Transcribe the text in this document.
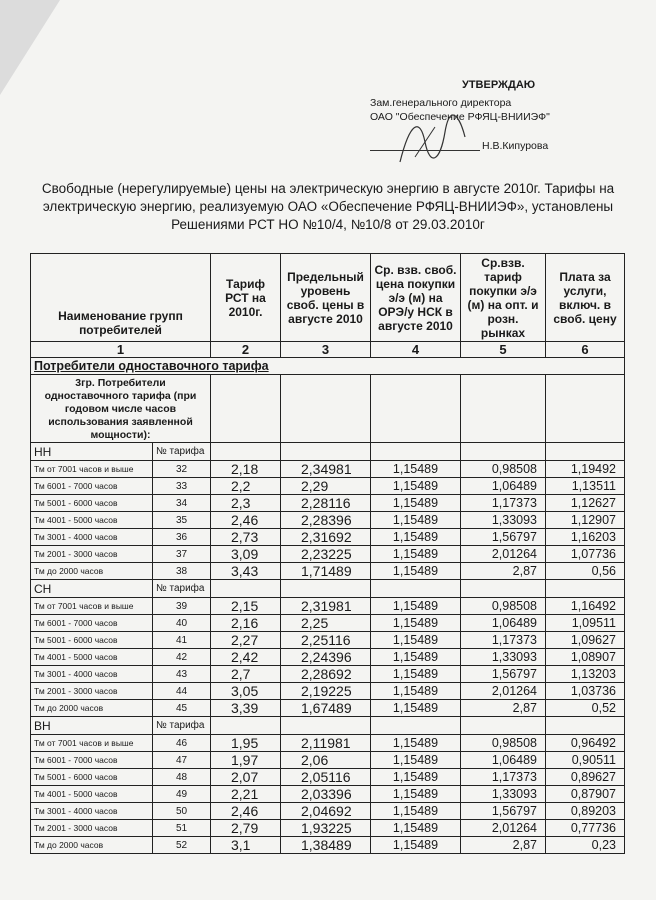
УТВЕРЖДАЮ
Зам.генерального директора
ОАО "Обеспечение РФЯЦ-ВНИИЭФ"
Н.В.Кипурова
Свободные (нерегулируемые) цены на электрическую энергию в августе 2010г. Тарифы на электрическую энергию, реализуемую ОАО «Обеспечение РФЯЦ-ВНИИЭФ», установлены Решениями РСТ НО №10/4, №10/8 от 29.03.2010г
Наименование групп потребителей		Тариф РСТ на 2010г.	Предельный уровень своб. цены в августе 2010	Ср. взв. своб. цена покупки э/э (м) на ОРЭ/у НСК в августе 2010	Ср.взв. тариф покупки э/э (м) на опт. и розн. рынках	Плата за услуги, включ. в своб. цену
1		2	3	4	5	6
Потребители одноставочного тарифа						
3гр. Потребители одноставочного тарифа (при годовом числе часов использования заявленной мощности):						
НН	№ тарифа					
Тм от 7001 часов и выше	32	2,18	2,34981	1,15489	0,98508	1,19492
Тм 6001 - 7000 часов	33	2,2	2,29	1,15489	1,06489	1,13511
Тм 5001 - 6000 часов	34	2,3	2,28116	1,15489	1,17373	1,12627
Тм 4001 - 5000 часов	35	2,46	2,28396	1,15489	1,33093	1,12907
Тм 3001 - 4000 часов	36	2,73	2,31692	1,15489	1,56797	1,16203
Тм 2001 - 3000 часов	37	3,09	2,23225	1,15489	2,01264	1,07736
Тм до 2000 часов	38	3,43	1,71489	1,15489	2,87	0,56
СН	№ тарифа					
Тм от 7001 часов и выше	39	2,15	2,31981	1,15489	0,98508	1,16492
Тм 6001 - 7000 часов	40	2,16	2,25	1,15489	1,06489	1,09511
Тм 5001 - 6000 часов	41	2,27	2,25116	1,15489	1,17373	1,09627
Тм 4001 - 5000 часов	42	2,42	2,24396	1,15489	1,33093	1,08907
Тм 3001 - 4000 часов	43	2,7	2,28692	1,15489	1,56797	1,13203
Тм 2001 - 3000 часов	44	3,05	2,19225	1,15489	2,01264	1,03736
Тм до 2000 часов	45	3,39	1,67489	1,15489	2,87	0,52
ВН	№ тарифа					
Тм от 7001 часов и выше	46	1,95	2,11981	1,15489	0,98508	0,96492
Тм 6001 - 7000 часов	47	1,97	2,06	1,15489	1,06489	0,90511
Тм 5001 - 6000 часов	48	2,07	2,05116	1,15489	1,17373	0,89627
Тм 4001 - 5000 часов	49	2,21	2,03396	1,15489	1,33093	0,87907
Тм 3001 - 4000 часов	50	2,46	2,04692	1,15489	1,56797	0,89203
Тм 2001 - 3000 часов	51	2,79	1,93225	1,15489	2,01264	0,77736
Тм до 2000 часов	52	3,1	1,38489	1,15489	2,87	0,23
